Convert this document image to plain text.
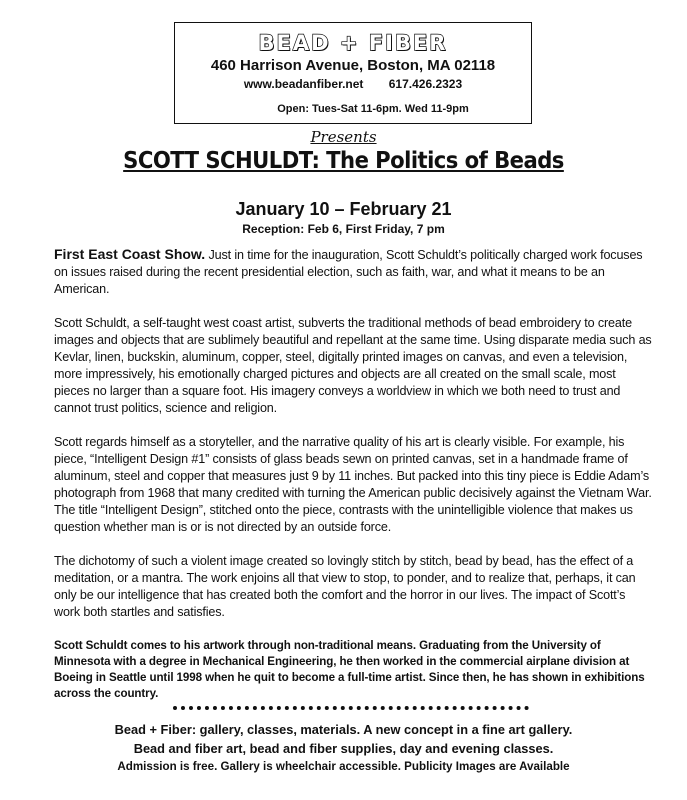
BEAD + FIBER
460 Harrison Avenue, Boston, MA 02118
www.beadanfiber.net 617.426.2323
Open: Tues-Sat 11-6pm. Wed 11-9pm
Presents
SCOTT SCHULDT: The Politics of Beads
January 10 – February 21
Reception: Feb 6, First Friday, 7 pm

First East Coast Show. Just in time for the inauguration, Scott Schuldt’s politically charged work focuses on issues raised during the recent presidential election, such as faith, war, and what it means to be an American.

Scott Schuldt, a self-taught west coast artist, subverts the traditional methods of bead embroidery to create images and objects that are sublimely beautiful and repellant at the same time. Using disparate media such as Kevlar, linen, buckskin, aluminum, copper, steel, digitally printed images on canvas, and even a television, more impressively, his emotionally charged pictures and objects are all created on the small scale, most pieces no larger than a square foot. His imagery conveys a worldview in which we both need to trust and cannot trust politics, science and religion.

Scott regards himself as a storyteller, and the narrative quality of his art is clearly visible. For example, his piece, “Intelligent Design #1” consists of glass beads sewn on printed canvas, set in a handmade frame of aluminum, steel and copper that measures just 9 by 11 inches. But packed into this tiny piece is Eddie Adam’s photograph from 1968 that many credited with turning the American public decisively against the Vietnam War. The title “Intelligent Design”, stitched onto the piece, contrasts with the unintelligible violence that makes us question whether man is or is not directed by an outside force.

The dichotomy of such a violent image created so lovingly stitch by stitch, bead by bead, has the effect of a meditation, or a mantra. The work enjoins all that view to stop, to ponder, and to realize that, perhaps, it can only be our intelligence that has created both the comfort and the horror in our lives. The impact of Scott’s work both startles and satisfies.

Scott Schuldt comes to his artwork through non-traditional means. Graduating from the University of Minnesota with a degree in Mechanical Engineering, he then worked in the commercial airplane division at Boeing in Seattle until 1998 when he quit to become a full-time artist. Since then, he has shown in exhibitions across the country.

Bead + Fiber: gallery, classes, materials. A new concept in a fine art gallery.
Bead and fiber art, bead and fiber supplies, day and evening classes.
Admission is free. Gallery is wheelchair accessible. Publicity Images are Available
